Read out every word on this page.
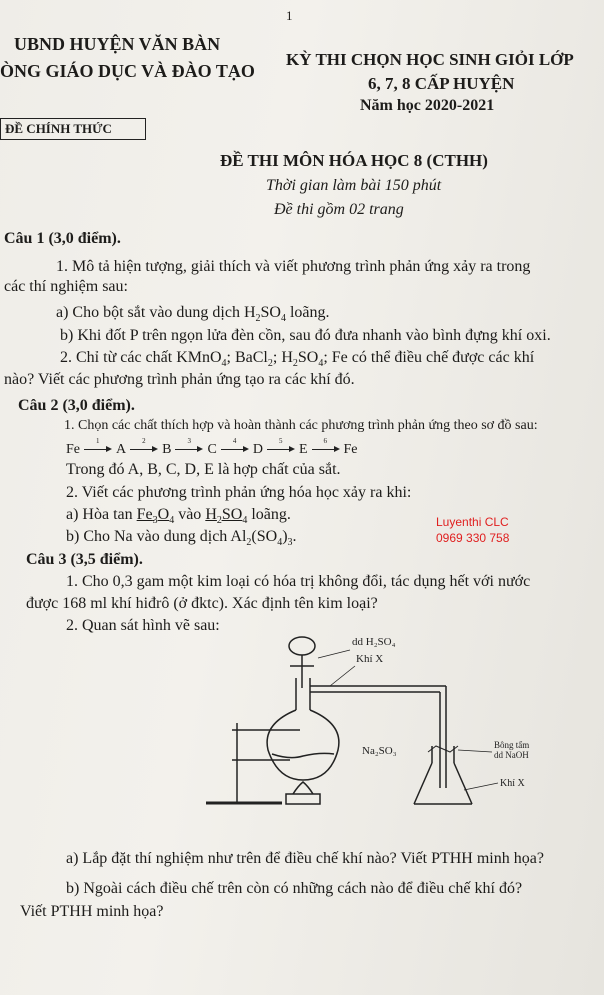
1
UBND HUYỆN VĂN BÀN
ÒNG GIÁO DỤC VÀ ĐÀO TẠO
KỲ THI CHỌN HỌC SINH GIỎI LỚP
6, 7, 8 CẤP HUYỆN
Năm học 2020-2021
ĐỀ CHÍNH THỨC
ĐỀ THI MÔN HÓA HỌC 8 (CTHH)
Thời gian làm bài 150 phút
Đề thi gồm 02 trang
Câu 1 (3,0 điểm).
1. Mô tả hiện tượng, giải thích và viết phương trình phản ứng xảy ra trong
các thí nghiệm sau:
a) Cho bột sắt vào dung dịch $H_2SO_4$ loãng.
b) Khi đốt P trên ngọn lửa đèn cồn, sau đó đưa nhanh vào bình đựng khí oxi.
2. Chỉ từ các chất KMnO$_4$; BaCl$_2$; $H_2SO_4$; Fe có thể điều chế được các khí
nào? Viết các phương trình phản ứng tạo ra các khí đó.
Câu 2 (3,0 điểm).
1. Chọn các chất thích hợp và hoàn thành các phương trình phản ứng theo sơ đồ sau:
Fe
1
A
2
B
3
C
4
D
5
E
6
Fe
Trong đó A, B, C, D, E là hợp chất của sắt.
2. Viết các phương trình phản ứng hóa học xảy ra khi:
a) Hòa $\tan Fe_3O_4$ vào $H_2SO_4$ loãng.
b) Cho Na vào dung dịch $Al_2(SO_4)_3$.
Luyenthi CLC
0969 330 758
Câu 3 (3,5 điểm).
1. Cho 0,3 gam một kim loại có hóa trị không đổi, tác dụng hết với nước
được 168 ml khí hiđrô (ở đktc). Xác định tên kim loại?
2. Quan sát hình vẽ sau:
dd H₂SO₄
Khí X
Na₂SO₃	Bông tẩm
dd NaOH
Khí X
a) Lắp đặt thí nghiệm như trên để điều chế khí nào? Viết PTHH minh họa?
b) Ngoài cách điều chế trên còn có những cách nào để điều chế khí đó?
Viết PTHH minh họa?
